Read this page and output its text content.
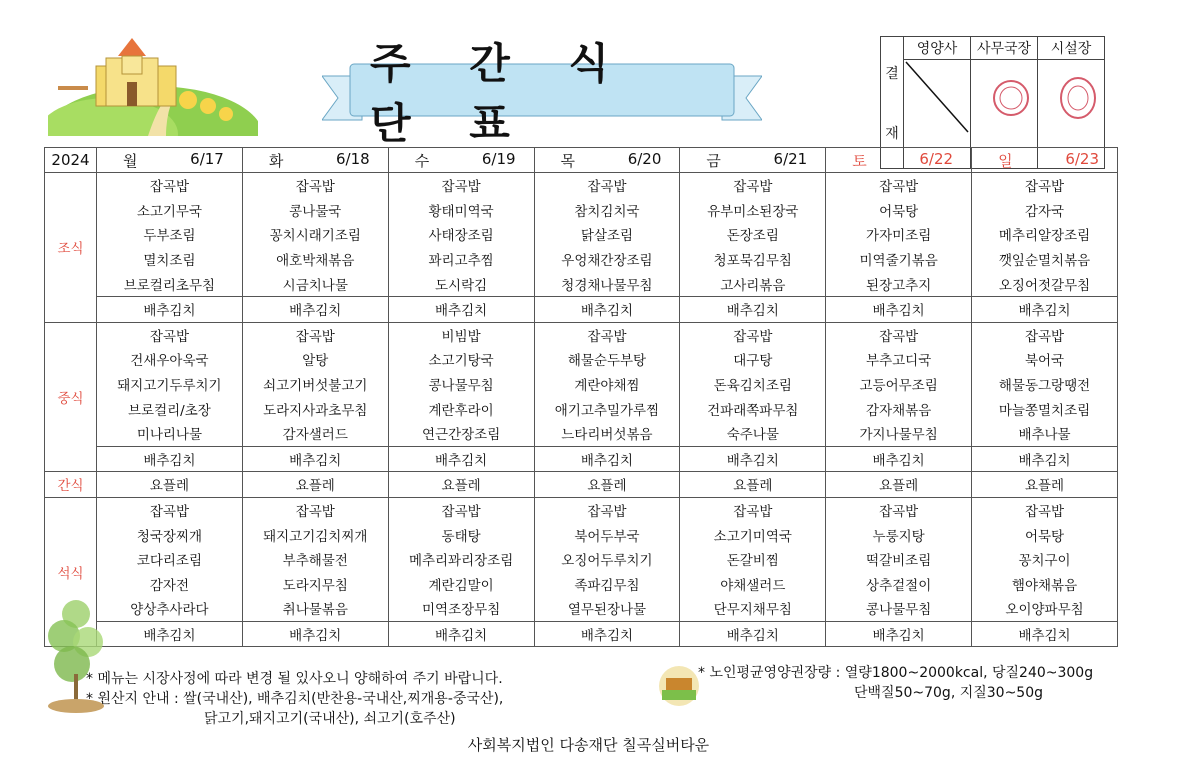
주 간 식 단 표
결
재	영양사	사무국장	시설장

2024	월 6/17	화 6/18	수 6/19	목 6/20	금 6/21	토 6/22	일 6/23

조식	잡곡밥	잡곡밥	잡곡밥	잡곡밥	잡곡밥	잡곡밥	잡곡밥
	소고기무국	콩나물국	황태미역국	참치김치국	유부미소된장국	어묵탕	감자국
	두부조림	꽁치시래기조림	사태장조림	닭살조림	돈장조림	가자미조림	메추리알장조림
	멸치조림	애호박채볶음	꽈리고추찜	우엉채간장조림	청포묵김무침	미역줄기볶음	깻잎순멸치볶음
	브로컬리초무침	시금치나물	도시락김	청경채나물무침	고사리볶음	된장고추지	오징어젓갈무침
	배추김치	배추김치	배추김치	배추김치	배추김치	배추김치	배추김치
중식	잡곡밥	잡곡밥	비빔밥	잡곡밥	잡곡밥	잡곡밥	잡곡밥
	건새우아욱국	알탕	소고기탕국	해물순두부탕	대구탕	부추고디국	북어국
	돼지고기두루치기	쇠고기버섯불고기	콩나물무침	계란야채찜	돈육김치조림	고등어무조림	해물동그랑땡전
	브로컬리/초장	도라지사과초무침	계란후라이	애기고추밀가루찜	건파래쪽파무침	감자채볶음	마늘쫑멸치조림
	미나리나물	감자샐러드	연근간장조림	느타리버섯볶음	숙주나물	가지나물무침	배추나물
	배추김치	배추김치	배추김치	배추김치	배추김치	배추김치	배추김치
간식	요플레	요플레	요플레	요플레	요플레	요플레	요플레
석식	잡곡밥	잡곡밥	잡곡밥	잡곡밥	잡곡밥	잡곡밥	잡곡밥
	청국장찌개	돼지고기김치찌개	동태탕	북어두부국	소고기미역국	누룽지탕	어묵탕
	코다리조림	부추해물전	메추리꽈리장조림	오징어두루치기	돈갈비찜	떡갈비조림	꽁치구이
	감자전	도라지무침	계란김말이	족파김무침	야채샐러드	상추겉절이	햄야채볶음
	양상추사라다	취나물볶음	미역조장무침	열무된장나물	단무지채무침	콩나물무침	오이양파무침
	배추김치	배추김치	배추김치	배추김치	배추김치	배추김치	배추김치
* 메뉴는 시장사정에 따라 변경 될 있사오니 양해하여 주기 바랍니다.
* 원산지 안내 : 쌀(국내산), 배추김치(반찬용-국내산,찌개용-중국산),
닭고기,돼지고기(국내산), 쇠고기(호주산)
* 노인평균영양권장량 : 열량1800~2000kcal, 당질240~300g
단백질50~70g, 지질30~50g
사회복지법인 다송재단 칠곡실버타운
